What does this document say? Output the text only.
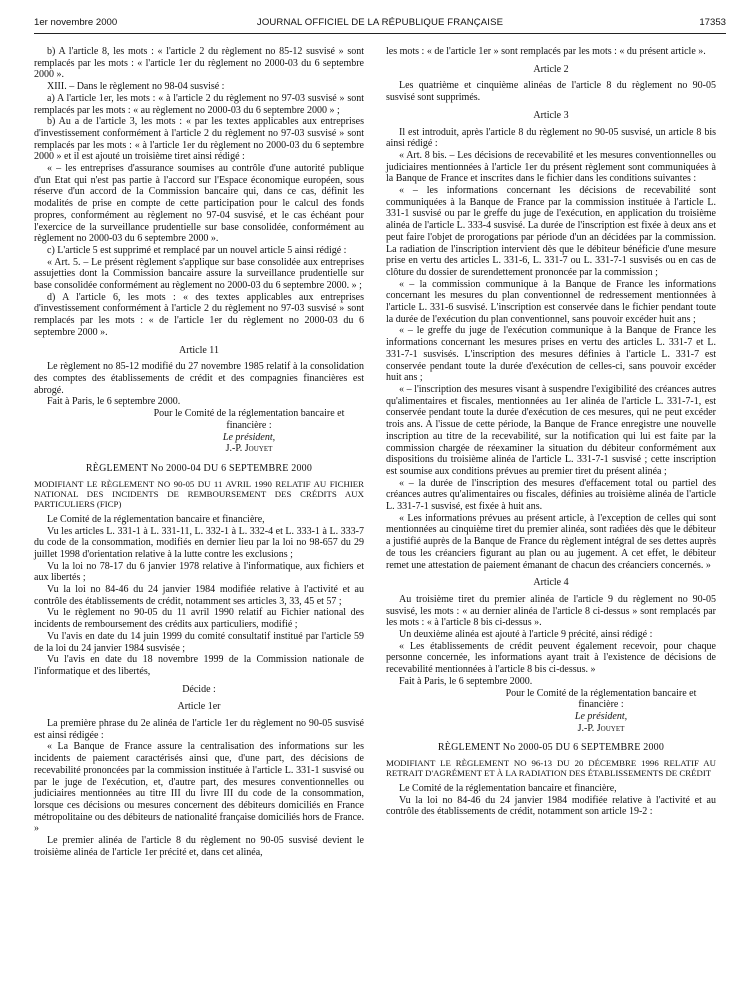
1er novembre 2000	JOURNAL OFFICIEL DE LA RÉPUBLIQUE FRANÇAISE	17353

b) A l'article 8, les mots : « l'article 2 du règlement no 85-12 susvisé » sont remplacés par les mots : « l'article 1er du règlement no 2000-03 du 6 septembre 2000 ».

XIII. – Dans le règlement no 98-04 susvisé :

a) A l'article 1er, les mots : « à l'article 2 du règlement no 97-03 susvisé » sont remplacés par les mots : « au règlement no 2000-03 du 6 septembre 2000 » ;

b) Au a de l'article 3, les mots : « par les textes applicables aux entreprises d'investissement conformément à l'article 2 du règlement no 97-03 susvisé » sont remplacés par les mots : « à l'article 1er du règlement no 2000-03 du 6 septembre 2000 » et il est ajouté un troisième tiret ainsi rédigé :

« – les entreprises d'assurance soumises au contrôle d'une autorité publique d'un Etat qui n'est pas partie à l'accord sur l'Espace économique européen, sous réserve d'un accord de la Commission bancaire qui, dans ce cas, définit les modalités de prise en compte de cette participation pour le calcul des fonds propres, conformément au règlement no 97-04 susvisé, et le cas échéant pour l'exercice de la surveillance prudentielle sur base consolidée, conformément au règlement no 2000-03 du 6 septembre 2000 ».

c) L'article 5 est supprimé et remplacé par un nouvel article 5 ainsi rédigé :

« Art. 5. – Le présent règlement s'applique sur base consolidée aux entreprises assujetties dont la Commission bancaire assure la surveillance prudentielle sur base consolidée conformément au règlement no 2000-03 du 6 septembre 2000. » ;

d) A l'article 6, les mots : « des textes applicables aux entreprises d'investissement conformément à l'article 2 du règlement no 97-03 susvisé » sont remplacés par les mots : « de l'article 1er du règlement no 2000-03 du 6 septembre 2000 ».

Article 11

Le règlement no 85-12 modifié du 27 novembre 1985 relatif à la consolidation des comptes des établissements de crédit et des compagnies financières est abrogé.

Fait à Paris, le 6 septembre 2000.

Pour le Comité de la réglementation bancaire et financière :

Le président,

J.-P. Jouyet

RÈGLEMENT No 2000-04 DU 6 SEPTEMBRE 2000

MODIFIANT LE RÈGLEMENT NO 90-05 DU 11 AVRIL 1990 RELATIF AU FICHIER NATIONAL DES INCIDENTS DE REMBOURSEMENT DES CRÉDITS AUX PARTICULIERS (FICP)

Le Comité de la réglementation bancaire et financière,

Vu les articles L. 331-1 à L. 331-11, L. 332-1 à L. 332-4 et L. 333-1 à L. 333-7 du code de la consommation, modifiés en dernier lieu par la loi no 98-657 du 29 juillet 1998 d'orientation relative à la lutte contre les exclusions ;

Vu la loi no 78-17 du 6 janvier 1978 relative à l'informatique, aux fichiers et aux libertés ;

Vu la loi no 84-46 du 24 janvier 1984 modifiée relative à l'activité et au contrôle des établissements de crédit, notamment ses articles 3, 33, 45 et 57 ;

Vu le règlement no 90-05 du 11 avril 1990 relatif au Fichier national des incidents de remboursement des crédits aux particuliers, modifié ;

Vu l'avis en date du 14 juin 1999 du comité consultatif institué par l'article 59 de la loi du 24 janvier 1984 susvisée ;

Vu l'avis en date du 18 novembre 1999 de la Commission nationale de l'informatique et des libertés,

Décide :

Article 1er

La première phrase du 2e alinéa de l'article 1er du règlement no 90-05 susvisé est ainsi rédigée :

« La Banque de France assure la centralisation des informations sur les incidents de paiement caractérisés ainsi que, d'une part, des décisions de recevabilité prononcées par la commission instituée à l'article L. 331-1 susvisé ou par le juge de l'exécution, et, d'autre part, des mesures conventionnelles ou judiciaires mentionnées au titre III du livre III du code de la consommation, lorsque ces décisions ou mesures concernent des débiteurs domiciliés en France métropolitaine ou des débiteurs de nationalité française domiciliés hors de France. »

Le premier alinéa de l'article 8 du règlement no 90-05 susvisé devient le troisième alinéa de l'article 1er précité et, dans cet alinéa,

les mots : « de l'article 1er » sont remplacés par les mots : « du présent article ».

Article 2

Les quatrième et cinquième alinéas de l'article 8 du règlement no 90-05 susvisé sont supprimés.

Article 3

Il est introduit, après l'article 8 du règlement no 90-05 susvisé, un article 8 bis ainsi rédigé :

« Art. 8 bis. – Les décisions de recevabilité et les mesures conventionnelles ou judiciaires mentionnées à l'article 1er du présent règlement sont communiquées à la Banque de France et inscrites dans le fichier dans les conditions suivantes :

« – les informations concernant les décisions de recevabilité sont communiquées à la Banque de France par la commission instituée à l'article L. 331-1 susvisé ou par le greffe du juge de l'exécution, en application du troisième alinéa de l'article L. 333-4 susvisé. La durée de l'inscription est fixée à deux ans et peut faire l'objet de prorogations par période d'un an décidées par la commission. La radiation de l'inscription intervient dès que le débiteur bénéficie d'une mesure prise en vertu des articles L. 331-6, L. 331-7 ou L. 331-7-1 susvisés ou en cas de clôture du dossier de surendettement prononcée par la commission ;

« – la commission communique à la Banque de France les informations concernant les mesures du plan conventionnel de redressement mentionnées à l'article L. 331-6 susvisé. L'inscription est conservée dans le fichier pendant toute la durée de l'exécution du plan conventionnel, sans pouvoir excéder huit ans ;

« – le greffe du juge de l'exécution communique à la Banque de France les informations concernant les mesures prises en vertu des articles L. 331-7 et L. 331-7-1 susvisés. L'inscription des mesures définies à l'article L. 331-7 est conservée pendant toute la durée d'exécution de celles-ci, sans pouvoir excéder huit ans ;

« – l'inscription des mesures visant à suspendre l'exigibilité des créances autres qu'alimentaires et fiscales, mentionnées au 1er alinéa de l'article L. 331-7-1, est conservée pendant toute la durée d'exécution de ces mesures, qui ne peut excéder trois ans. A l'issue de cette période, la Banque de France enregistre une nouvelle inscription au titre de la recevabilité, sur la notification qui lui est faite par la commission chargée de réexaminer la situation du débiteur conformément aux dispositions du troisième alinéa de l'article L. 331-7-1 susvisé ; cette inscription est soumise aux conditions prévues au premier tiret du présent alinéa ;

« – la durée de l'inscription des mesures d'effacement total ou partiel des créances autres qu'alimentaires ou fiscales, définies au troisième alinéa de l'article L. 331-7-1 susvisé, est fixée à huit ans.

« Les informations prévues au présent article, à l'exception de celles qui sont mentionnées au cinquième tiret du premier alinéa, sont radiées dès que le débiteur a justifié auprès de la Banque de France du règlement intégral de ses dettes auprès de tous les créanciers figurant au plan ou au jugement. A cet effet, le débiteur remet une attestation de paiement émanant de chacun des créanciers concernés. »

Article 4

Au troisième tiret du premier alinéa de l'article 9 du règlement no 90-05 susvisé, les mots : « au dernier alinéa de l'article 8 ci-dessus » sont remplacés par les mots : « à l'article 8 bis ci-dessus ».

Un deuxième alinéa est ajouté à l'article 9 précité, ainsi rédigé :

« Les établissements de crédit peuvent également recevoir, pour chaque personne concernée, les informations ayant trait à l'existence de décisions de recevabilité mentionnées à l'article 8 bis ci-dessus. »

Fait à Paris, le 6 septembre 2000.

Pour le Comité de la réglementation bancaire et financière :

Le président,

J.-P. Jouyet

RÈGLEMENT No 2000-05 DU 6 SEPTEMBRE 2000

MODIFIANT LE RÈGLEMENT NO 96-13 DU 20 DÉCEMBRE 1996 RELATIF AU RETRAIT D'AGRÉMENT ET À LA RADIATION DES ÉTABLISSEMENTS DE CRÉDIT

Le Comité de la réglementation bancaire et financière,

Vu la loi no 84-46 du 24 janvier 1984 modifiée relative à l'activité et au contrôle des établissements de crédit, notamment son article 19-2 :
